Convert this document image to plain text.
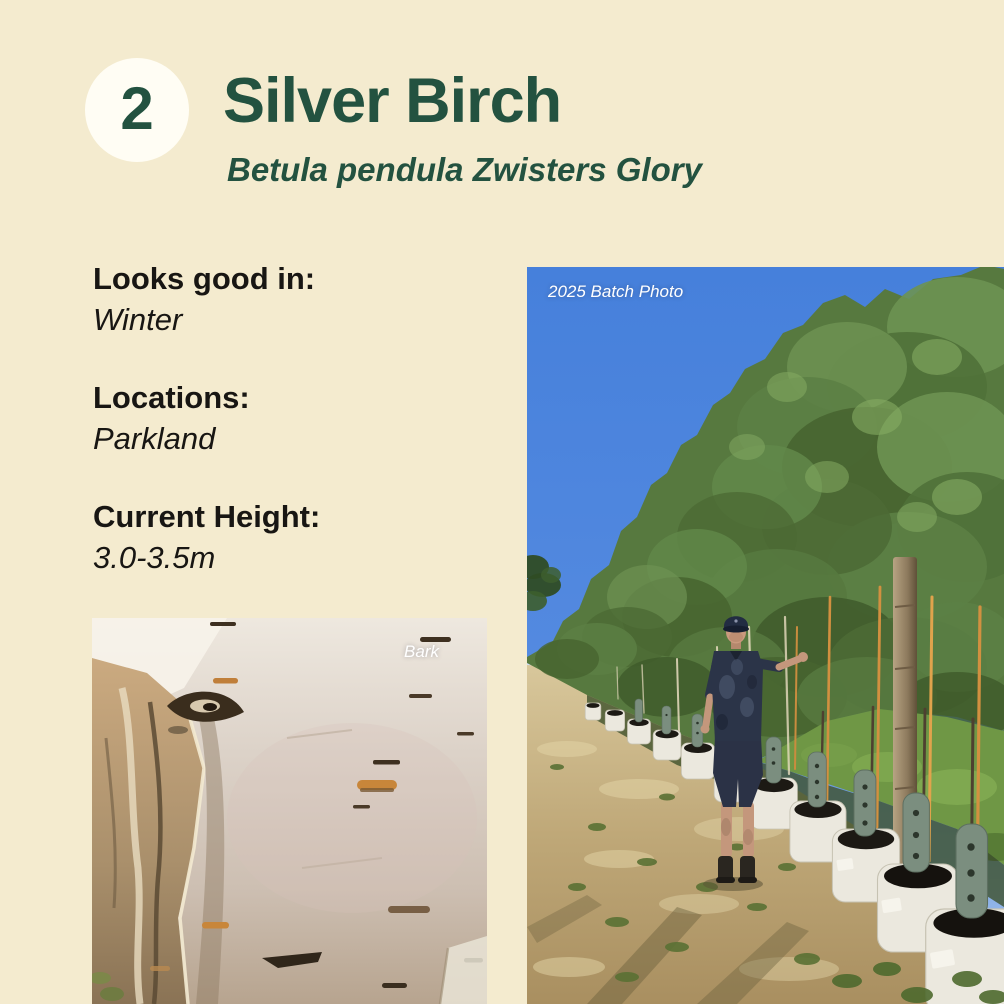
2 Silver Birch
Betula pendula Zwisters Glory
Looks good in:
Winter
Locations:
Parkland
Current Height:
3.0-3.5m
Bark
2025 Batch Photo
